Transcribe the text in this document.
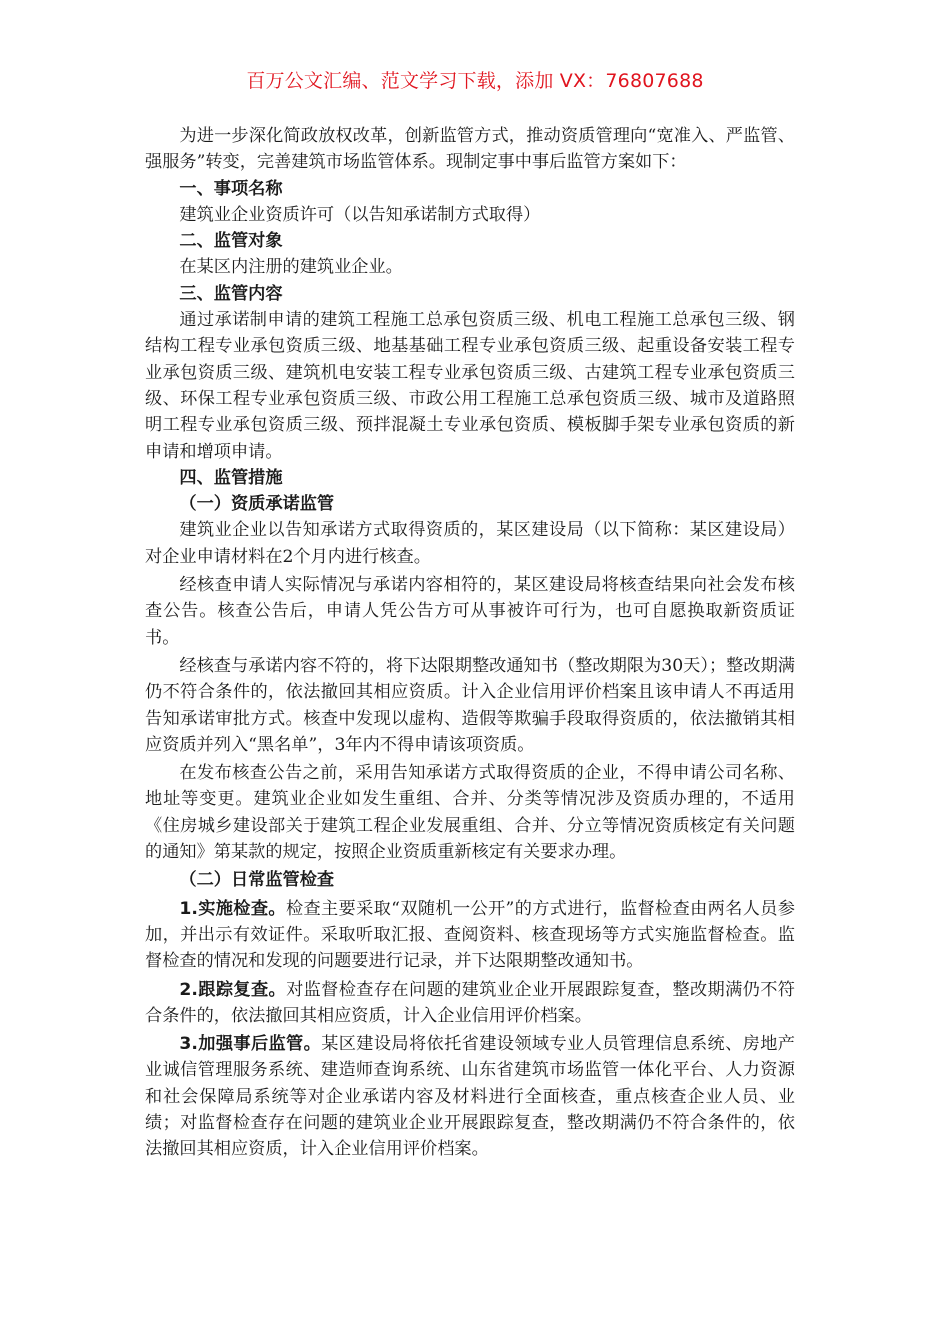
百万公文汇编、范文学习下载，添加 VX：76807688

为进一步深化简政放权改革，创新监管方式，推动资质管理向“宽准入、严监管、强服务”转变，完善建筑市场监管体系。现制定事中事后监管方案如下：

一、事项名称

建筑业企业资质许可（以告知承诺制方式取得）

二、监管对象

在某区内注册的建筑业企业。

三、监管内容

通过承诺制申请的建筑工程施工总承包资质三级、机电工程施工总承包三级、钢结构工程专业承包资质三级、地基基础工程专业承包资质三级、起重设备安装工程专业承包资质三级、建筑机电安装工程专业承包资质三级、古建筑工程专业承包资质三级、环保工程专业承包资质三级、市政公用工程施工总承包资质三级、城市及道路照明工程专业承包资质三级、预拌混凝土专业承包资质、模板脚手架专业承包资质的新申请和增项申请。

四、监管措施

（一）资质承诺监管

建筑业企业以告知承诺方式取得资质的，某区建设局（以下简称：某区建设局）对企业申请材料在2个月内进行核查。

经核查申请人实际情况与承诺内容相符的，某区建设局将核查结果向社会发布核查公告。核查公告后，申请人凭公告方可从事被许可行为，也可自愿换取新资质证书。

经核查与承诺内容不符的，将下达限期整改通知书（整改期限为30天）；整改期满仍不符合条件的，依法撤回其相应资质。计入企业信用评价档案且该申请人不再适用告知承诺审批方式。核查中发现以虚构、造假等欺骗手段取得资质的，依法撤销其相应资质并列入“黑名单”，3年内不得申请该项资质。

在发布核查公告之前，采用告知承诺方式取得资质的企业，不得申请公司名称、地址等变更。建筑业企业如发生重组、合并、分类等情况涉及资质办理的，不适用《住房城乡建设部关于建筑工程企业发展重组、合并、分立等情况资质核定有关问题的通知》第某款的规定，按照企业资质重新核定有关要求办理。

（二）日常监管检查

1.实施检查。检查主要采取“双随机一公开”的方式进行，监督检查由两名人员参加，并出示有效证件。采取听取汇报、查阅资料、核查现场等方式实施监督检查。监督检查的情况和发现的问题要进行记录，并下达限期整改通知书。

2.跟踪复查。对监督检查存在问题的建筑业企业开展跟踪复查，整改期满仍不符合条件的，依法撤回其相应资质，计入企业信用评价档案。

3.加强事后监管。某区建设局将依托省建设领域专业人员管理信息系统、房地产业诚信管理服务系统、建造师查询系统、山东省建筑市场监管一体化平台、人力资源和社会保障局系统等对企业承诺内容及材料进行全面核查，重点核查企业人员、业绩；对监督检查存在问题的建筑业企业开展跟踪复查，整改期满仍不符合条件的，依法撤回其相应资质，计入企业信用评价档案。
